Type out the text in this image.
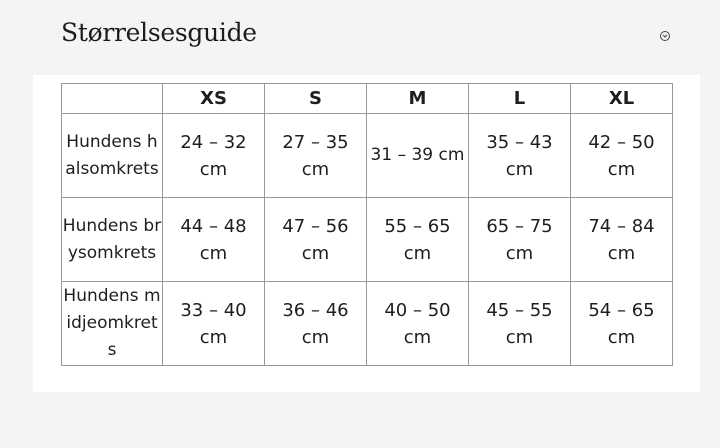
Størrelsesguide
	XS	S	M	L	XL
Hundens halsomkrets	24 – 32 cm	27 – 35 cm	31 – 39 cm	35 – 43 cm	42 – 50 cm
Hundens brysomkrets	44 – 48 cm	47 – 56 cm	55 – 65 cm	65 – 75 cm	74 – 84 cm
Hundens midjeomkrets	33 – 40 cm	36 – 46 cm	40 – 50 cm	45 – 55 cm	54 – 65 cm
